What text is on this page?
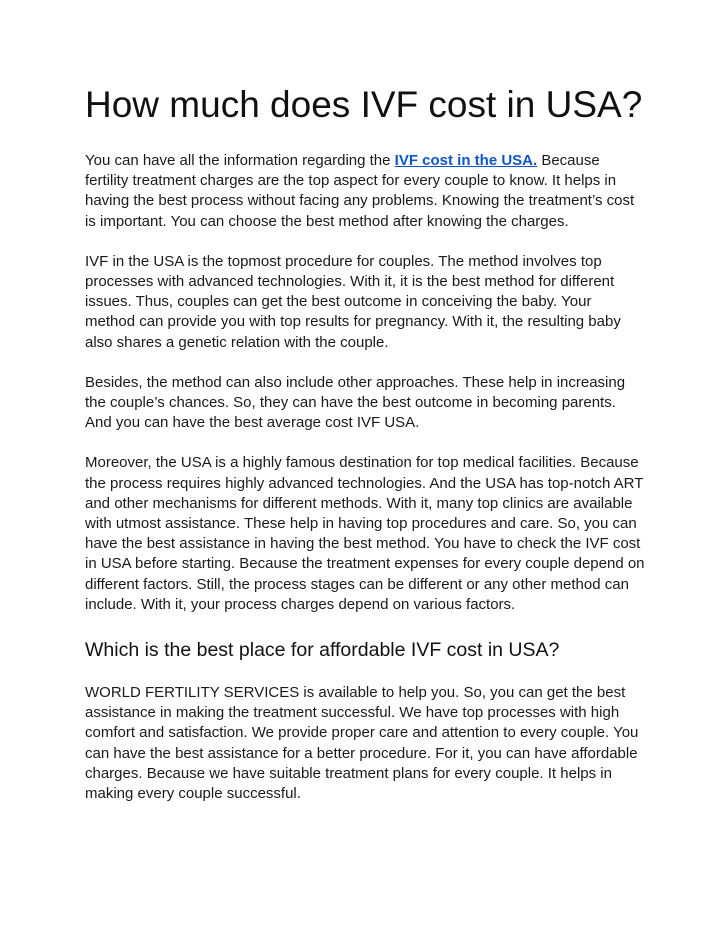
How much does IVF cost in USA?

You can have all the information regarding the IVF cost in the USA. Because fertility treatment charges are the top aspect for every couple to know. It helps in having the best process without facing any problems. Knowing the treatment’s cost is important. You can choose the best method after knowing the charges.

IVF in the USA is the topmost procedure for couples. The method involves top processes with advanced technologies. With it, it is the best method for different issues. Thus, couples can get the best outcome in conceiving the baby. Your method can provide you with top results for pregnancy. With it, the resulting baby also shares a genetic relation with the couple.

Besides, the method can also include other approaches. These help in increasing the couple’s chances. So, they can have the best outcome in becoming parents. And you can have the best average cost IVF USA.

Moreover, the USA is a highly famous destination for top medical facilities. Because the process requires highly advanced technologies. And the USA has top-notch ART and other mechanisms for different methods. With it, many top clinics are available with utmost assistance. These help in having top procedures and care. So, you can have the best assistance in having the best method. You have to check the IVF cost in USA before starting. Because the treatment expenses for every couple depend on different factors. Still, the process stages can be different or any other method can include. With it, your process charges depend on various factors.

Which is the best place for affordable IVF cost in USA?

WORLD FERTILITY SERVICES is available to help you. So, you can get the best assistance in making the treatment successful. We have top processes with high comfort and satisfaction. We provide proper care and attention to every couple. You can have the best assistance for a better procedure. For it, you can have affordable charges. Because we have suitable treatment plans for every couple. It helps in making every couple successful.
